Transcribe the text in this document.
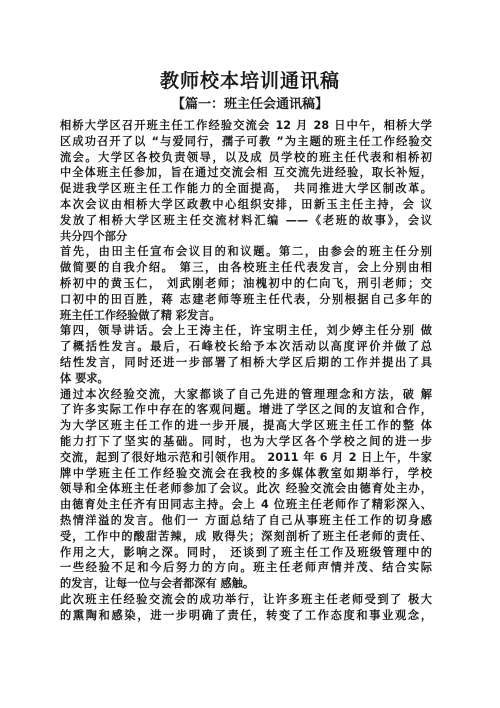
教师校本培训通讯稿
【篇一：班主任会通讯稿】
相桥大学区召开班主任工作经验交流会 12 月 28 日中午，相桥大学
区成功召开了以 “与爱同行，孺子可教 ”为主题的班主任工作经验交
流会。大学区各校负责领导，以及成 员学校的班主任代表和相桥初
中全体班主任参加，旨在通过交流会相 互交流先进经验，取长补短，
促进我学区班主任工作能力的全面提高， 共同推进大学区制改革。
本次会议由相桥大学区政教中心组织安排，田新玉主任主持，会 议
发放了相桥大学区班主任交流材料汇编 ——《老班的故事》，会议
共分四个部分
首先，由田主任宣布会议目的和议题。第二，由参会的班主任分别
做简要的自我介绍。 第三，由各校班主任代表发言，会上分别由相
桥初中的黄玉仁， 刘武刚老师；油槐初中的仁向飞，刑引老师；交
口初中的田百胜，蒋 志建老师等班主任代表，分别根据自己多年的
班主任工作经验做了精 彩发言。
第四，领导讲话。会上王涛主任，许宝明主任，刘少婷主任分别 做
了概括性发言。最后，石峰校长给予本次活动以高度评价并做了总
结性发言，同时还进一步部署了相桥大学区后期的工作并提出了具
体 要求。
通过本次经验交流，大家都谈了自己先进的管理理念和方法，破 解
了许多实际工作中存在的客观问题。增进了学区之间的友谊和合作，
为大学区班主任工作的进一步开展，提高大学区班主任工作的整 体
能力打下了坚实的基础。同时，也为大学区各个学校之间的进一步
交流，起到了很好地示范和引领作用。 2011 年 6 月 2 日上午，牛家
牌中学班主任工作经验交流会在我校的多媒体教室如期举行，学校
领导和全体班主任老师参加了会议。此次 经验交流会由德育处主办，
由德育处主任齐有田同志主持。会上 4 位班主任老师作了精彩深入、
热情洋溢的发言。他们一 方面总结了自己从事班主任工作的切身感
受，工作中的酸甜苦辣，成 败得失；深刻剖析了班主任老师的责任、
作用之大，影响之深。同时， 还谈到了班主任工作及班级管理中的
一些经验不足和今后努力的方向。班主任老师声情并茂、结合实际
的发言，让每一位与会者都深有 感触。
此次班主任经验交流会的成功举行，让许多班主任老师受到了 极大
的熏陶和感染，进一步明确了责任，转变了工作态度和事业观念，
